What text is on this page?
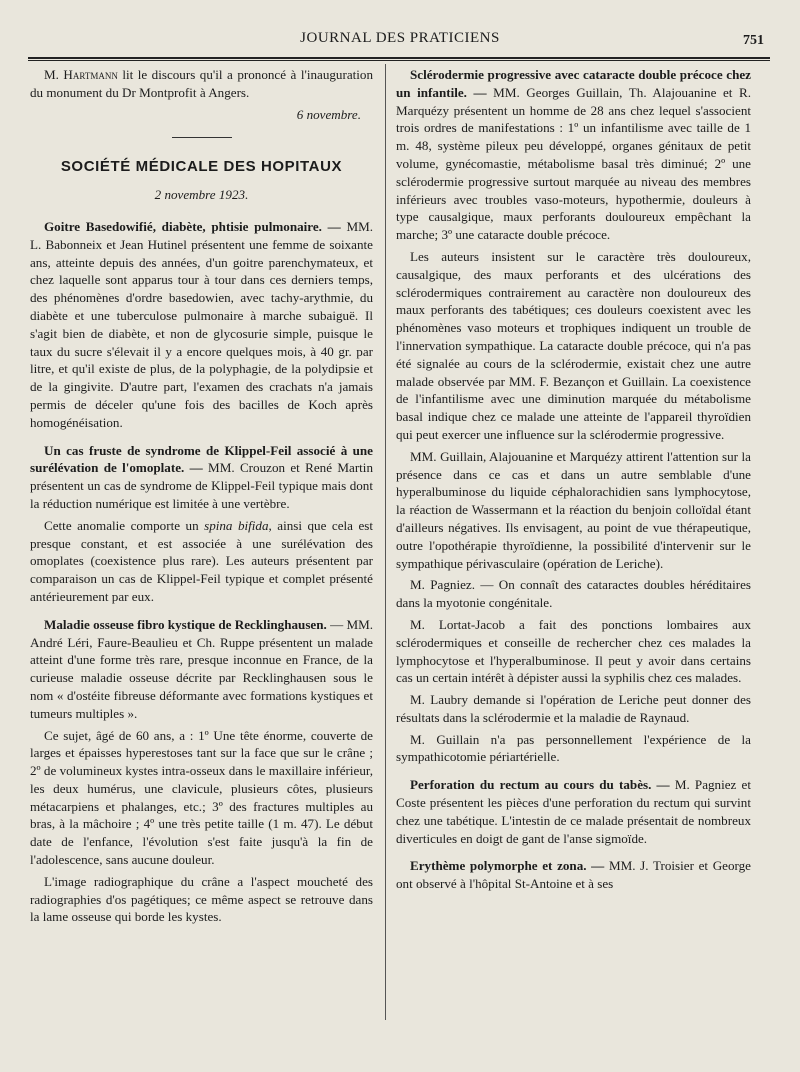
JOURNAL DES PRATICIENS	751

M. Hartmann lit le discours qu'il a prononcé à l'inauguration du monument du Dr Montprofit à Angers.

6 novembre.

SOCIÉTÉ MÉDICALE DES HOPITAUX

2 novembre 1923.

Goitre Basedowifié, diabète, phtisie pulmonaire. — MM. L. Babonneix et Jean Hutinel présentent une femme de soixante ans, atteinte depuis des années, d'un goitre parenchymateux, et chez laquelle sont apparus tour à tour dans ces derniers temps, des phénomènes d'ordre basedowien, avec tachy-arythmie, du diabète et une tuberculose pulmonaire à marche subaiguë. Il s'agit bien de diabète, et non de glycosurie simple, puisque le taux du sucre s'élevait il y a encore quelques mois, à 40 gr. par litre, et qu'il existe de plus, de la polyphagie, de la polydipsie et de la gingivite. D'autre part, l'examen des crachats n'a jamais permis de déceler qu'une fois des bacilles de Koch après homogénéisation.

Un cas fruste de syndrome de Klippel-Feil associé à une surélévation de l'omoplate. — MM. Crouzon et René Martin présentent un cas de syndrome de Klippel-Feil typique mais dont la réduction numérique est limitée à une vertèbre.

Cette anomalie comporte un spina bifida, ainsi que cela est presque constant, et est associée à une surélévation des omoplates (coexistence plus rare). Les auteurs présentent par comparaison un cas de Klippel-Feil typique et complet présenté antérieurement par eux.

Maladie osseuse fibro kystique de Recklinghausen. — MM. André Léri, Faure-Beaulieu et Ch. Ruppe présentent un malade atteint d'une forme très rare, presque inconnue en France, de la curieuse maladie osseuse décrite par Recklinghausen sous le nom « d'ostéite fibreuse déformante avec formations kystiques et tumeurs multiples ».

Ce sujet, âgé de 60 ans, a : 1º Une tête énorme, couverte de larges et épaisses hyperestoses tant sur la face que sur le crâne ; 2º de volumineux kystes intra-osseux dans le maxillaire inférieur, les deux humérus, une clavicule, plusieurs côtes, plusieurs métacarpiens et phalanges, etc.; 3º des fractures multiples au bras, à la mâchoire ; 4º une très petite taille (1 m. 47). Le début date de l'enfance, l'évolution s'est faite jusqu'à la fin de l'adolescence, sans aucune douleur.

L'image radiographique du crâne a l'aspect moucheté des radiographies d'os pagétiques; ce même aspect se retrouve dans la lame osseuse qui borde les kystes.

Sclérodermie progressive avec cataracte double précoce chez un infantile. — MM. Georges Guillain, Th. Alajouanine et R. Marquézy présentent un homme de 28 ans chez lequel s'associent trois ordres de manifestations : 1º un infantilisme avec taille de 1 m. 48, système pileux peu développé, organes génitaux de petit volume, gynécomastie, métabolisme basal très diminué; 2º une sclérodermie progressive surtout marquée au niveau des membres inférieurs avec troubles vaso-moteurs, hypothermie, douleurs à type causalgique, maux perforants douloureux empêchant la marche; 3º une cataracte double précoce.

Les auteurs insistent sur le caractère très douloureux, causalgique, des maux perforants et des ulcérations des sclérodermiques contrairement au caractère non douloureux des maux perforants des tabétiques; ces douleurs coexistent avec les phénomènes vaso moteurs et trophiques indiquent un trouble de l'innervation sympathique. La cataracte double précoce, qui n'a pas été signalée au cours de la sclérodermie, existait chez une autre malade observée par MM. F. Bezançon et Guillain. La coexistence de l'infantilisme avec une diminution marquée du métabolisme basal indique chez ce malade une atteinte de l'appareil thyroïdien qui peut exercer une influence sur la sclérodermie progressive.

MM. Guillain, Alajouanine et Marquézy attirent l'attention sur la présence dans ce cas et dans un autre semblable d'une hyperalbuminose du liquide céphalorachidien sans lymphocytose, la réaction de Wassermann et la réaction du benjoin colloïdal étant d'ailleurs négatives. Ils envisagent, au point de vue thérapeutique, outre l'opothérapie thyroïdienne, la possibilité d'intervenir sur le sympathique périvasculaire (opération de Leriche).

M. Pagniez. — On connaît des cataractes doubles héréditaires dans la myotonie congénitale.

M. Lortat-Jacob a fait des ponctions lombaires aux sclérodermiques et conseille de rechercher chez ces malades la lymphocytose et l'hyperalbuminose. Il peut y avoir dans certains cas un certain intérêt à dépister aussi la syphilis chez ces malades.

M. Laubry demande si l'opération de Leriche peut donner des résultats dans la sclérodermie et la maladie de Raynaud.

M. Guillain n'a pas personnellement l'expérience de la sympathicotomie périartérielle.

Perforation du rectum au cours du tabès. — M. Pagniez et Coste présentent les pièces d'une perforation du rectum qui survint chez une tabétique. L'intestin de ce malade présentait de nombreux diverticules en doigt de gant de l'anse sigmoïde.

Erythème polymorphe et zona. — MM. J. Troisier et George ont observé à l'hôpital St-Antoine et à ses
